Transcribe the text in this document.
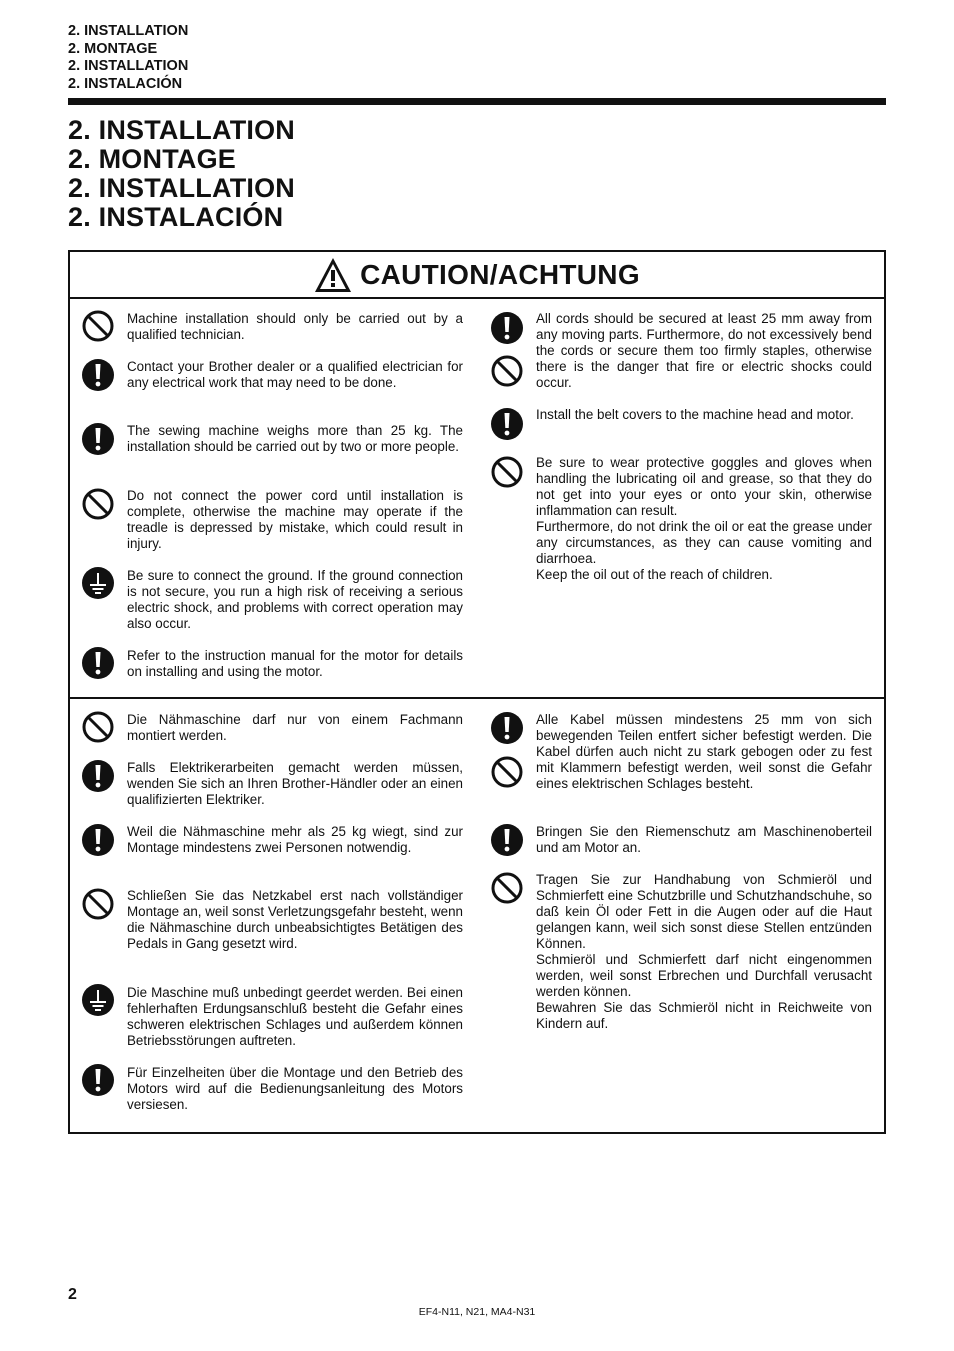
2. INSTALLATION
2. MONTAGE
2. INSTALLATION
2. INSTALACIÓN
2. INSTALLATION
2. MONTAGE
2. INSTALLATION
2. INSTALACIÓN
CAUTION/ACHTUNG
Machine installation should only be carried out by a qualified technician.
Contact your Brother dealer or a qualified electrician for any electrical work that may need to be done.
The sewing machine weighs more than 25 kg. The installation should be carried out by two or more people.
Do not connect the power cord until installation is complete, otherwise the machine may operate if the treadle is depressed by mistake, which could result in injury.
Be sure to connect the ground. If the ground connection is not secure, you run a high risk of receiving a serious electric shock, and problems with correct operation may also occur.
Refer to the instruction manual for the motor for details on installing and using the motor.
All cords should be secured at least 25 mm away from any moving parts. Furthermore, do not excessively bend the cords or secure them too firmly staples, otherwise there is the danger that fire or electric shocks could occur.
Install the belt covers to the machine head and motor.
Be sure to wear protective goggles and gloves when handling the lubricating oil and grease, so that they do not get into your eyes or onto your skin, otherwise inflammation can result.
Furthermore, do not drink the oil or eat the grease under any circumstances, as they can cause vomiting and diarrhoea.
Keep the oil out of the reach of children.
Die Nähmaschine darf nur von einem Fachmann montiert werden.
Falls Elektrikerarbeiten gemacht werden müssen, wenden Sie sich an Ihren Brother-Händler oder an einen qualifizierten Elektriker.
Weil die Nähmaschine mehr als 25 kg wiegt, sind zur Montage mindestens zwei Personen notwendig.
Schließen Sie das Netzkabel erst nach vollständiger Montage an, weil sonst Verletzungsgefahr besteht, wenn die Nähmaschine durch unbeabsichtigtes Betätigen des Pedals in Gang gesetzt wird.
Die Maschine muß unbedingt geerdet werden. Bei einen fehlerhaften Erdungsanschluß besteht die Gefahr eines schweren elektrischen Schlages und außerdem können Betriebsstörungen auftreten.
Für Einzelheiten über die Montage und den Betrieb des Motors wird auf die Bedienungsanleitung des Motors versiesen.
Alle Kabel müssen mindestens 25 mm von sich bewegenden Teilen entfert sicher befestigt werden. Die Kabel dürfen auch nicht zu stark gebogen oder zu fest mit Klammern befestigt werden, weil sonst die Gefahr eines elektrischen Schlages besteht.
Bringen Sie den Riemenschutz am Maschinenoberteil und am Motor an.
Tragen Sie zur Handhabung von Schmieröl und Schmierfett eine Schutzbrille und Schutzhandschuhe, so daß kein Öl oder Fett in die Augen oder auf die Haut gelangen kann, weil sich sonst diese Stellen entzünden Können.
Schmieröl und Schmierfett darf nicht eingenommen werden, weil sonst Erbrechen und Durchfall verusacht werden können.
Bewahren Sie das Schmieröl nicht in Reichweite von Kindern auf.
2
EF4-N11, N21, MA4-N31
